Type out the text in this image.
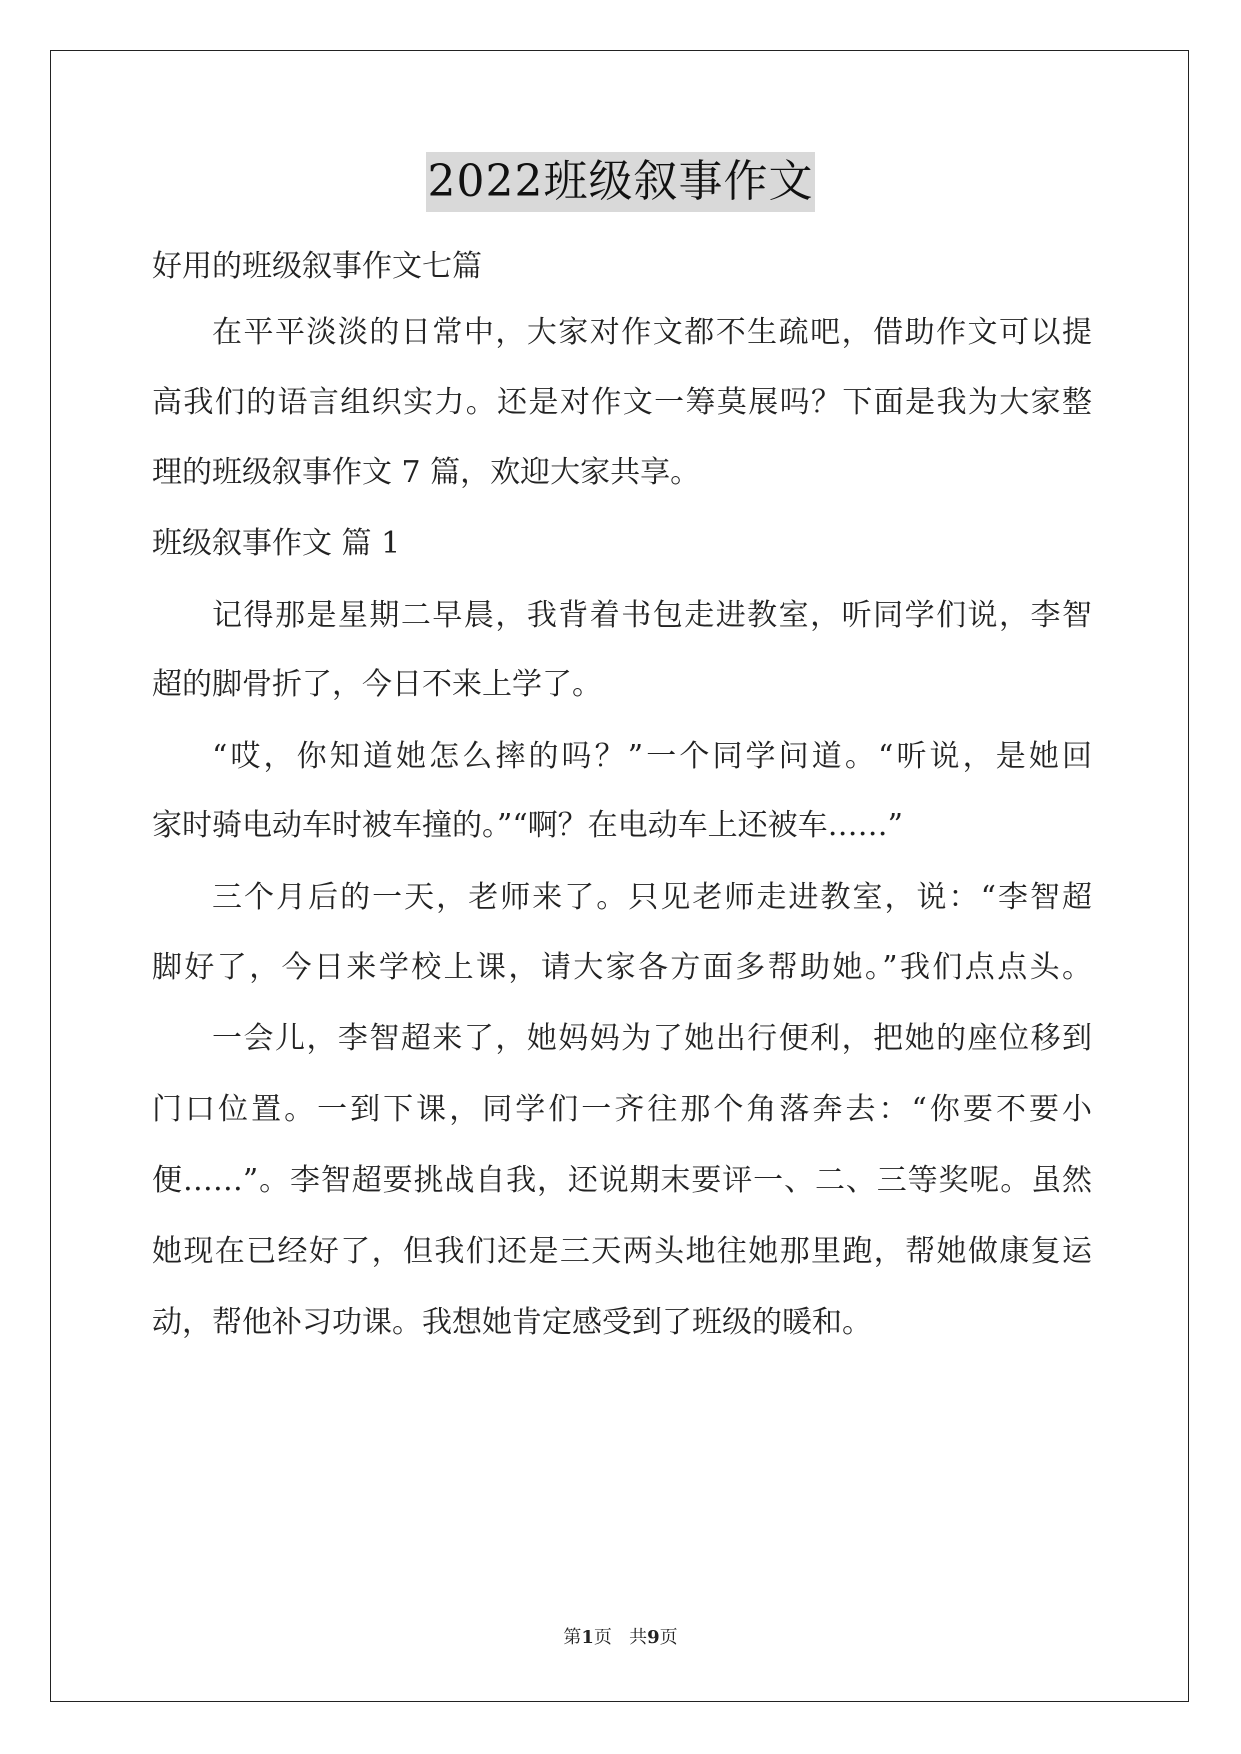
2022班级叙事作文
好用的班级叙事作文七篇
在平平淡淡的日常中，大家对作文都不生疏吧，借助作文可以提
高我们的语言组织实力。还是对作文一筹莫展吗？下面是我为大家整
理的班级叙事作文 7 篇，欢迎大家共享。
班级叙事作文 篇 1
记得那是星期二早晨，我背着书包走进教室，听同学们说，李智
超的脚骨折了，今日不来上学了。
“哎，你知道她怎么摔的吗？”一个同学问道。“听说，是她回
家时骑电动车时被车撞的。”“啊？在电动车上还被车……”
三个月后的一天，老师来了。只见老师走进教室，说：“李智超
脚好了，今日来学校上课，请大家各方面多帮助她。”我们点点头。
一会儿，李智超来了，她妈妈为了她出行便利，把她的座位移到
门口位置。一到下课，同学们一齐往那个角落奔去：“你要不要小
便……”。李智超要挑战自我，还说期末要评一、二、三等奖呢。虽然
她现在已经好了，但我们还是三天两头地往她那里跑，帮她做康复运
动，帮他补习功课。我想她肯定感受到了班级的暖和。
第1页   共9页
